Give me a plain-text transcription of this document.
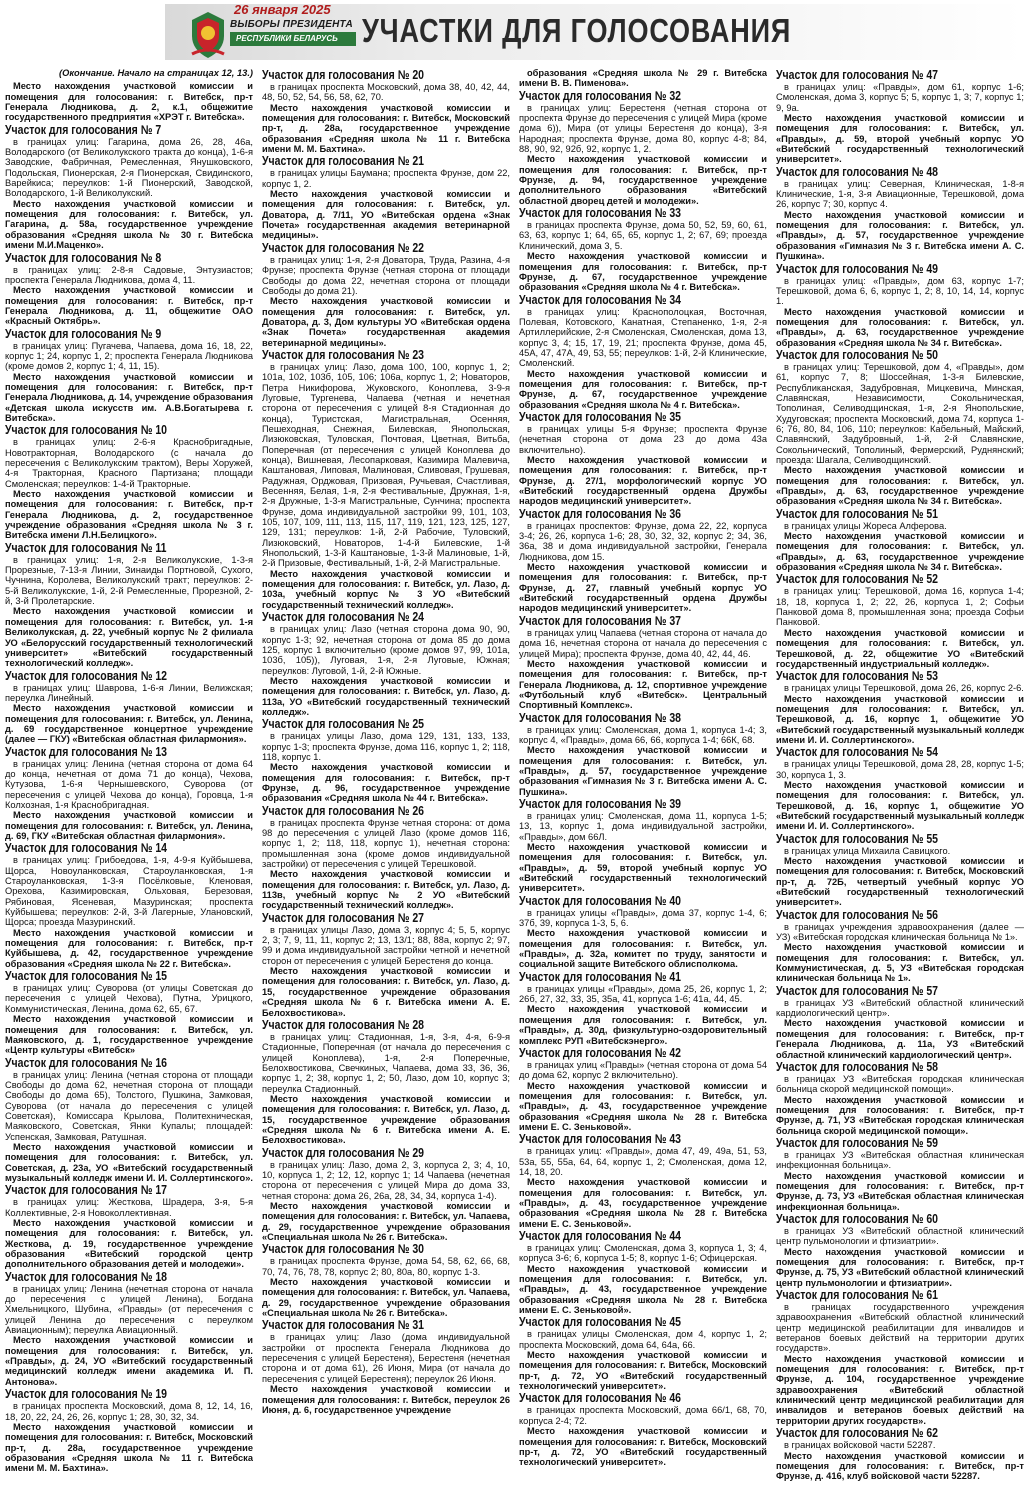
26 января 2025
ВЫБОРЫ ПРЕЗИДЕНТА
РЕСПУБЛИКИ БЕЛАРУСЬ УЧАСТКИ ДЛЯ ГОЛОСОВАНИЯ

(Окончание. Начало на страницах 12, 13.)

Место нахождения участковой комиссии и помещения для голосования: г. Витебск, пр-т Генерала Людникова, д. 2, к.1, общежитие государственного предприятия «ХРЭТ г. Витебска».

Участок для голосования № 7

в границах улиц: Гагарина, дома 26, 28, 46а, Володарского (от Великолукского тракта до конца), 1-6-я Заводские, Фабричная, Ремесленная, Янушковского, Подольская, Пионерская, 2-я Пионерская, Свидинского, Варейкиса; переулков: 1-й Пионерский, Заводской, Володарского, 1-й Великолукский.

Место нахождения участковой комиссии и помещения для голосования: г. Витебск, ул. Гагарина, д. 58а, государственное учреждение образования «Средняя школа № 30 г. Витебска имени М.И.Маценко».

Участок для голосования № 8

в границах улиц: 2-8-я Садовые, Энтузиастов; проспекта Генерала Людникова, дома 4, 11.

Место нахождения участковой комиссии и помещения для голосования: г. Витебск, пр-т Генерала Людникова, д. 11, общежитие ОАО «Красный Октябрь».

Участок для голосования № 9

в границах улиц: Пугачева, Чапаева, дома 16, 18, 22, корпус 1; 24, корпус 1, 2; проспекта Генерала Людникова (кроме домов 2, корпус 1; 4, 11, 15).

Место нахождения участковой комиссии и помещения для голосования: г. Витебск, пр-т Генерала Людникова, д. 14, учреждение образования «Детская школа искусств им. А.В.Богатырева г. Витебска».

Участок для голосования № 10

в границах улиц: 2-6-я Краснобригадные, Новотракторная, Володарского (с начала до пересечения с Великолукским трактом), Веры Хоружей, 4-я Тракторная, Красного Партизана; площади Смоленская; переулков: 1-4-й Тракторные.

Место нахождения участковой комиссии и помещения для голосования: г. Витебск, пр-т Генерала Людникова, д. 2, государственное учреждение образования «Средняя школа № 3 г. Витебска имени Л.Н.Белицкого».

Участок для голосования № 11

в границах улиц: 1-я, 2-я Великолукские, 1-3-я Прорезные, 7-13-я Линии, Зинаиды Портновой, Сухого, Чучнина, Королева, Великолукский тракт; переулков: 2-5-й Великолукские, 1-й, 2-й Ремесленные, Прорезной, 2-й, 3-й Пролетарские.

Место нахождения участковой комиссии и помещения для голосования: г. Витебск, ул. 1-я Великолукская, д. 22, учебный корпус № 2 филиала УО «Белорусский государственный технологический университет» «Витебский государственный технологический колледж».

Участок для голосования № 12

в границах улиц: Шаврова, 1-6-я Линии, Велижская; переулка Линейный.

Место нахождения участковой комиссии и помещения для голосования: г. Витебск, ул. Ленина, д. 69 государственное концертное учреждение (далее — ГКУ) «Витебская областная филармония».

Участок для голосования № 13

в границах улиц: Ленина (четная сторона от дома 64 до конца, нечетная от дома 71 до конца), Чехова, Кутузова, 1-6-я Чернышевского, Суворова (от пересечения с улицей Чехова до конца), Горовца, 1-я Колхозная, 1-я Краснобригадная.

Место нахождения участковой комиссии и помещения для голосования: г. Витебск, ул. Ленина, д. 69, ГКУ «Витебская областная филармония».

Участок для голосования № 14

в границах улиц: Грибоедова, 1-я, 4-9-я Куйбышева, Щорса, Новоуланковская, Староуланковская, 1-я Староуланковская, 1-3-я Посёлковые, Кленовая, Орехова, Казимировская, Ольховая, Березовая, Рябиновая, Ясеневая, Мазуринская; проспекта Куйбышева; переулков: 2-й, 3-й Лагерные, Улановский, Щорса; проезда Мазуринский.

Место нахождения участковой комиссии и помещения для голосования: г. Витебск, пр-т Куйбышева, д. 42, государственное учреждение образования «Средняя школа № 22 г. Витебска».

Участок для голосования № 15

в границах улиц: Суворова (от улицы Советская до пересечения с улицей Чехова), Путна, Урицкого, Коммунистическая, Ленина, дома 62, 65, 67.

Место нахождения участковой комиссии и помещения для голосования: г. Витебск, ул. Маяковского, д. 1, государственное учреждение «Центр культуры «Витебск»

Участок для голосования № 16

в границах улиц: Ленина (четная сторона от площади Свободы до дома 62, нечетная сторона от площади Свободы до дома 65), Толстого, Пушкина, Замковая, Суворова (от начала до пересечения с улицей Советская), Комиссара Крылова, Политехническая, Маяковского, Советская, Янки Купалы; площадей: Успенская, Замковая, Ратушная.

Место нахождения участковой комиссии и помещения для голосования: г. Витебск, ул. Советская, д. 23а, УО «Витебский государственный музыкальный колледж имени И. И. Соллертинского».

Участок для голосования № 17

в границах улиц: Жесткова, Шрадера, 3-я, 5-я Коллективные, 2-я Новоколлективная.

Место нахождения участковой комиссии и помещения для голосования: г. Витебск, ул. Жесткова, д. 19, государственное учреждение образования «Витебский городской центр дополнительного образования детей и молодежи».

Участок для голосования № 18

в границах улиц: Ленина (нечетная сторона от начала до пересечения с улицей Ленина), Богдана Хмельницкого, Шубина, «Правды» (от пересечения с улицей Ленина до пересечения с переулком Авиационным); переулка Авиационный.

Место нахождения участковой комиссии и помещения для голосования: г. Витебск, ул. «Правды», д. 24, УО «Витебский государственный медицинский колледж имени академика И. П. Антонова».

Участок для голосования № 19

в границах проспекта Московский, дома 8, 12, 14, 16, 18, 20, 22, 24, 26, 26, корпус 1; 28, 30, 32, 34.

Место нахождения участковой комиссии и помещения для голосования: г. Витебск, Московский пр-т, д. 28а, государственное учреждение образования «Средняя школа № 11 г. Витебска имени М. М. Бахтина».

Участок для голосования № 20

в границах проспекта Московский, дома 38, 40, 42, 44, 48, 50, 52, 54, 56, 58, 62, 70.

Место нахождения участковой комиссии и помещения для голосования: г. Витебск, Московский пр-т, д. 28а, государственное учреждение образования «Средняя школа № 11 г. Витебска имени М. М. Бахтина».

Участок для голосования № 21

в границах улицы Баумана; проспекта Фрунзе, дом 22, корпус 1, 2.

Место нахождения участковой комиссии и помещения для голосования: г. Витебск, ул. Доватора, д. 7/11, УО «Витебская ордена «Знак Почета» государственная академия ветеринарной медицины».

Участок для голосования № 22

в границах улиц: 1-я, 2-я Доватора, Труда, Разина, 4-я Фрунзе; проспекта Фрунзе (четная сторона от площади Свободы до дома 22, нечетная сторона от площади Свободы до дома 21).

Место нахождения участковой комиссии и помещения для голосования: г. Витебск, ул. Доватора, д. 3, Дом культуры УО «Витебская ордена «Знак Почета» государственная академия ветеринарной медицины».

Участок для голосования № 23

в границах улиц: Лазо, дома 100, 100, корпус 1, 2; 101а, 102, 103б, 105, 106; 106а, корпус 1, 2; Новаторов, Петра Никифорова, Жуковского, Коноплева, 3-9-я Луговые, Тургенева, Чапаева (четная и нечетная сторона от пересечения с улицей 8-я Стадионная до конца), Туристская, Магистральная, Осенняя, Пешеходная, Снежная, Билевская, Янопольская, Лизюковская, Туловская, Почтовая, Цветная, Витьба, Поперечная (от пересечения с улицей Коноплева до конца), Вишневая, Лесопарковая, Казимира Малевича, Каштановая, Липовая, Малиновая, Сливовая, Грушевая, Радужная, Орджовая, Призовая, Ручьевая, Счастливая, Весенняя, Белая, 1-я, 2-я Фестивальные, Дружная, 1-я, 2-я Дружные, 1-3-я Магистральные, Сунчина; проспекта Фрунзе, дома индивидуальной застройки 99, 101, 103, 105, 107, 109, 111, 113, 115, 117, 119, 121, 123, 125, 127, 129, 131; переулков: 1-й, 2-й Рабочие, Туловский, Лизюковский, Новаторов, 1-4-й Билевские, 1-й Янопольский, 1-3-й Каштановые, 1-3-й Малиновые, 1-й, 2-й Призовые, Фестивальный, 1-й, 2-й Магистральные.

Место нахождения участковой комиссии и помещения для голосования: г. Витебск, ул. Лазо, д. 103а, учебный корпус № 3 УО «Витебский государственный технический колледж».

Участок для голосования № 24

в границах улиц: Лазо (четная сторона дома 90, 90, корпус 1-3; 92, нечетная сторона от дома 85 до дома 125, корпус 1 включительно (кроме домов 97, 99, 101а, 103б, 105)), Луговая, 1-я, 2-я Луговые, Южная; переулков: Луговой, 1-й, 2-й Южные.

Место нахождения участковой комиссии и помещения для голосования: г. Витебск, ул. Лазо, д. 113а, УО «Витебский государственный технический колледж».

Участок для голосования № 25

в границах улицы Лазо, дома 129, 131, 133, 133, корпус 1-3; проспекта Фрунзе, дома 116, корпус 1, 2; 118, 118, корпус 1.

Место нахождения участковой комиссии и помещения для голосования: г. Витебск, пр-т Фрунзе, д. 96, государственное учреждение образования «Средняя школа № 44 г. Витебска».

Участок для голосования № 26

в границах проспекта Фрунзе четная сторона: от дома 98 до пересечения с улицей Лазо (кроме домов 116, корпус 1, 2; 118, 118, корпус 1), нечетная сторона: промышленная зона (кроме домов индивидуальной застройки) от пересечения с улицей Терешковой.

Место нахождения участковой комиссии и помещения для голосования: г. Витебск, ул. Лазо, д. 113в, учебный корпус № 2 УО «Витебский государственный технический колледж».

Участок для голосования № 27

в границах улицы Лазо, дома 3, корпус 4; 5, 5, корпус 2, 3; 7, 9, 11, 11, корпус 2; 13, 13/1; 88, 88а, корпус 2; 97, 99 и дома индивидуальной застройки четной и нечетной сторон от пересечения с улицей Берестеня до конца.

Место нахождения участковой комиссии и помещения для голосования: г. Витебск, ул. Лазо, д. 15, государственное учреждение образования «Средняя школа № 6 г. Витебска имени А. Е. Белохвостикова».

Участок для голосования № 28

в границах улиц: Стадионная, 1-я, 3-я, 4-я, 6-9-я Стадионные, Поперечная (от начала до пересечения с улицей Коноплева), 1-я, 2-я Поперечные, Белохвостикова, Свечкиных, Чапаева, дома 33, 36, 36, корпус 1, 2; 38, корпус 1, 2; 50, Лазо, дом 10, корпус 3; переулка Стадионный.

Место нахождения участковой комиссии и помещения для голосования: г. Витебск, ул. Лазо, д. 15, государственное учреждение образования «Средняя школа № 6 г. Витебска имени А. Е. Белохвостикова».

Участок для голосования № 29

в границах улиц: Лазо, дома 2, 3, корпуса 2, 3; 4, 10, 10, корпуса 1, 2; 12, 12, корпус 1; 14 Чапаева (нечетная сторона от пересечения с улицей Мира до дома 33, четная сторона: дома 26, 26а, 28, 34, 34, корпуса 1-4).

Место нахождения участковой комиссии и помещения для голосования: г. Витебск, ул. Чапаева, д. 29, государственное учреждение образования «Специальная школа № 26 г. Витебска».

Участок для голосования № 30

в границах проспекта Фрунзе, дома 54, 58, 62, 66, 68, 70, 74, 76, 78, 78, корпус 2; 80, 80а, 80, корпус 1-3.

Место нахождения участковой комиссии и помещения для голосования: г. Витебск, ул. Чапаева, д. 29, государственное учреждение образования «Специальная школа № 26 г. Витебска».

Участок для голосования № 31

в границах улиц: Лазо (дома индивидуальной застройки от проспекта Генерала Людникова до пересечения с улицей Берестеня), Берестеня (нечетная сторона и от дома 61), 26 Июня, Мира (от начала до пересечения с улицей Берестеня); переулок 26 Июня.

Место нахождения участковой комиссии и помещения для голосования: г. Витебск, переулок 26 Июня, д. 6, государственное учреждение

образования «Средняя школа № 29 г. Витебска имени В. В. Пименова».

Участок для голосования № 32

в границах улиц: Берестеня (четная сторона от проспекта Фрунзе до пересечения с улицей Мира (кроме дома 6)), Мира (от улицы Берестеня до конца), 3-я Народная; проспекта Фрунзе, дома 80, корпус 4-8; 84, 88, 90, 92, 92б, 92, корпус 1, 2.

Место нахождения участковой комиссии и помещения для голосования: г. Витебск, пр-т Фрунзе, д. 94, государственное учреждение дополнительного образования «Витебский областной дворец детей и молодежи».

Участок для голосования № 33

в границах проспекта Фрунзе, дома 50, 52, 59, 60, 61, 63, 63, корпус 1; 64, 65, 65, корпус 1, 2; 67, 69; проезда Клинический, дома 3, 5.

Место нахождения участковой комиссии и помещения для голосования: г. Витебск, пр-т Фрунзе, д. 67, государственное учреждение образования «Средняя школа № 4 г. Витебска».

Участок для голосования № 34

в границах улиц: Краснополоцкая, Восточная, Полевая, Котовского, Канатная, Степаненко, 1-я, 2-я Артиллерийские, 2-я Смоленская, Смоленская, дома 13, корпус 3, 4; 15, 17, 19, 21; проспекта Фрунзе, дома 45, 45А, 47, 47А, 49, 53, 55; переулков: 1-й, 2-й Клинические, Смоленский.

Место нахождения участковой комиссии и помещения для голосования: г. Витебск, пр-т Фрунзе, д. 67, государственное учреждение образования «Средняя школа № 4 г. Витебска».

Участок для голосования № 35

в границах улицы 5-я Фрунзе; проспекта Фрунзе (нечетная сторона от дома 23 до дома 43а включительно).

Место нахождения участковой комиссии и помещения для голосования: г. Витебск, пр-т Фрунзе, д. 27/1, морфологический корпус УО «Витебский государственный ордена Дружбы народов медицинский университет».

Участок для голосования № 36

в границах проспектов: Фрунзе, дома 22, 22, корпуса 3-4; 26, 26, корпуса 1-6; 28, 30, 32, 32, корпус 2; 34, 36, 36а, 38 и дома индивидуальной застройки, Генерала Людникова, дом 15.

Место нахождения участковой комиссии и помещения для голосования: г. Витебск, пр-т Фрунзе, д. 27, главный учебный корпус УО «Витебский государственный ордена Дружбы народов медицинский университет».

Участок для голосования № 37

в границах улиц Чапаева (четная сторона от начала до дома 16, нечетная сторона от начала до пересечения с улицей Мира); проспекта Фрунзе, дома 40, 42, 44, 46.

Место нахождения участковой комиссии и помещения для голосования: г. Витебск, пр-т Генерала Людникова, д. 12, спортивное учреждение «Футбольный клуб «Витебск». Центральный Спортивный Комплекс».

Участок для голосования № 38

в границах улиц: Смоленская, дома 1, корпуса 1-4; 3, корпус 4, «Правды», дома 66, 66, корпуса 1-4; 66К, 68.

Место нахождения участковой комиссии и помещения для голосования: г. Витебск, ул. «Правды», д. 57, государственное учреждение образования «Гимназия № 3 г. Витебска имени А. С. Пушкина».

Участок для голосования № 39

в границах улиц: Смоленская, дома 11, корпуса 1-5; 13, 13, корпус 1, дома индивидуальной застройки, «Правды», дом 66Л.

Место нахождения участковой комиссии и помещения для голосования: г. Витебск, ул. «Правды», д. 59, второй учебный корпус УО «Витебский государственный технологический университет».

Участок для голосования № 40

в границах улицы «Правды», дома 37, корпус 1-4, 6; 37б, 39, корпуса 1-3, 5, 6.

Место нахождения участковой комиссии и помещения для голосования: г. Витебск, ул. «Правды», д. 32а, комитет по труду, занятости и социальной защите Витебского облисполкома.

Участок для голосования № 41

в границах улицы «Правды», дома 25, 26, корпус 1, 2; 26б, 27, 32, 33, 35, 35а, 41, корпуса 1-6; 41а, 44, 45.

Место нахождения участковой комиссии и помещения для голосования: г. Витебск, ул. «Правды», д. 30д, физкультурно-оздоровительный комплекс РУП «Витебскэнерго».

Участок для голосования № 42

в границах улиц «Правды» (четная сторона от дома 54 до дома 62, корпус 2 включительно).

Место нахождения участковой комиссии и помещения для голосования: г. Витебск, ул. «Правды», д. 43, государственное учреждение образования «Средняя школа № 28 г. Витебска имени Е. С. Зеньковой».

Участок для голосования № 43

в границах улиц: «Правды», дома 47, 49, 49а, 51, 53, 53а, 55, 55а, 64, 64, корпус 1, 2; Смоленская, дома 12, 14, 18, 20.

Место нахождения участковой комиссии и помещения для голосования: г. Витебск, ул. «Правды», д. 43, государственное учреждение образования «Средняя школа № 28 г. Витебска имени Е. С. Зеньковой».

Участок для голосования № 44

в границах улиц: Смоленская, дома 3, корпуса 1, 3; 4, корпуса 3-6; 6, корпуса 1-5; 8, корпус 1-6; Офицерская.

Место нахождения участковой комиссии и помещения для голосования: г. Витебск, ул. «Правды», д. 43, государственное учреждение образования «Средняя школа № 28 г. Витебска имени Е. С. Зеньковой».

Участок для голосования № 45

в границах улицы Смоленская, дом 4, корпус 1, 2; проспекта Московский, дома 64, 64а, 66.

Место нахождения участковой комиссии и помещения для голосования: г. Витебск, Московский пр-т, д. 72, УО «Витебский государственный технологический университет».

Участок для голосования № 46

в границах проспекта Московский, дома 66/1, 68, 70, корпуса 2-4; 72.

Место нахождения участковой комиссии и помещения для голосования: г. Витебск, Московский пр-т, д. 72, УО «Витебский государственный технологический университет».

Участок для голосования № 47

в границах улиц: «Правды», дом 61, корпус 1-6; Смоленская, дома 3, корпус 5; 5, корпус 1, 3; 7, корпус 1; 9, 9а.

Место нахождения участковой комиссии и помещения для голосования: г. Витебск, ул. «Правды», д. 59, второй учебный корпус УО «Витебский государственный технологический университет».

Участок для голосования № 48

в границах улиц: Северная, Клиническая, 1-8-я Клинические, 1-я, 3-я Авиационные, Терешковой, дома 26, корпус 7; 30, корпус 4.

Место нахождения участковой комиссии и помещения для голосования: г. Витебск, ул. «Правды», д. 57, государственное учреждение образования «Гимназия № 3 г. Витебска имени А. С. Пушкина».

Участок для голосования № 49

в границах улиц: «Правды», дом 63, корпус 1-7; Терешковой, дома 6, 6, корпус 1, 2; 8, 10, 14, 14, корпус 1.

Место нахождения участковой комиссии и помещения для голосования: г. Витебск, ул. «Правды», д. 63, государственное учреждение образования «Средняя школа № 34 г. Витебска».

Участок для голосования № 50

в границах улиц: Терешковой, дом 4, «Правды», дом 61, корпус 7, 8; Шоссейная, 1-3-я Билевские, Республиканская, Задубровная, Мицкевича, Минская, Славянская, Независимости, Сокольническая, Тополиная, Селиводщинская, 1-я, 2-я Янопольские, Худуговская; проспекта Московский, дома 74, корпуса 1-6; 76, 80, 84, 106, 110; переулков: Кабельный, Майский, Славянский, Задубровный, 1-й, 2-й Славянские, Сокольнический, Тополиный, Фермерский, Руднянский; проезда: Шагала, Селиводщинский.

Место нахождения участковой комиссии и помещения для голосования: г. Витебск, ул. «Правды», д. 63, государственное учреждение образования «Средняя школа № 34 г. Витебска».

Участок для голосования № 51

в границах улицы Жореса Алферова.

Место нахождения участковой комиссии и помещения для голосования: г. Витебск, ул. «Правды», д. 63, государственное учреждение образования «Средняя школа № 34 г. Витебска».

Участок для голосования № 52

в границах улиц: Терешковой, дома 16, корпуса 1-4; 18, 18, корпуса 1, 2; 22, 26, корпуса 1, 2; Софьи Панковой дома 8, промышленная зона; проезда Софьи Панковой.

Место нахождения участковой комиссии и помещения для голосования: г. Витебск, ул. Терешковой, д. 22, общежитие УО «Витебский государственный индустриальный колледж».

Участок для голосования № 53

в границах улицы Терешковой, дома 26, 26, корпус 2-6.

Место нахождения участковой комиссии и помещения для голосования: г. Витебск, ул. Терешковой, д. 16, корпус 1, общежитие УО «Витебский государственный музыкальный колледж имени И. И. Соллертинского».

Участок для голосования № 54

в границах улицы Терешковой, дома 28, 28, корпус 1-5; 30, корпуса 1, 3.

Место нахождения участковой комиссии и помещения для голосования: г. Витебск, ул. Терешковой, д. 16, корпус 1, общежитие УО «Витебский государственный музыкальный колледж имени И. И. Соллертинского».

Участок для голосования № 55

в границах улица Михаила Савицкого.

Место нахождения участковой комиссии и помещения для голосования: г. Витебск, Московский пр-т, д. 72Б, четвертый учебный корпус УО «Витебский государственный технологический университет».

Участок для голосования № 56

в границах учреждения здравоохранения (далее — УЗ) «Витебская городская клиническая больница № 1».

Место нахождения участковой комиссии и помещения для голосования: г. Витебск, ул. Коммунистическая, д. 5, УЗ «Витебская городская клиническая больница № 1».

Участок для голосования № 57

в границах УЗ «Витебский областной клинический кардиологический центр».

Место нахождения участковой комиссии и помещения для голосования: г. Витебск, пр-т Генерала Людникова, д. 11а, УЗ «Витебский областной клинический кардиологический центр».

Участок для голосования № 58

в границах УЗ «Витебская городская клиническая больница скорой медицинской помощи».

Место нахождения участковой комиссии и помещения для голосования: г. Витебск, пр-т Фрунзе, д. 71, УЗ «Витебская городская клиническая больница скорой медицинской помощи».

Участок для голосования № 59

в границах УЗ «Витебская областная клиническая инфекционная больница».

Место нахождения участковой комиссии и помещения для голосования: г. Витебск, пр-т Фрунзе, д. 73, УЗ «Витебская областная клиническая инфекционная больница».

Участок для голосования № 60

в границах УЗ «Витебский областной клинический центр пульмонологии и фтизиатрии».

Место нахождения участковой комиссии и помещения для голосования: г. Витебск, пр-т Фрунзе, д. 75, УЗ «Витебский областной клинический центр пульмонологии и фтизиатрии».

Участок для голосования № 61

в границах государственного учреждения здравоохранения «Витебский областной клинический центр медицинской реабилитации для инвалидов и ветеранов боевых действий на территории других государств».

Место нахождения участковой комиссии и помещения для голосования: г. Витебск, пр-т Фрунзе, д. 104, государственное учреждение здравоохранения «Витебский областной клинический центр медицинской реабилитации для инвалидов и ветеранов боевых действий на территории других государств».

Участок для голосования № 62

в границах войсковой части 52287.

Место нахождения участковой комиссии и помещения для голосования: г. Витебск, пр-т Фрунзе, д. 416, клуб войсковой части 52287.
